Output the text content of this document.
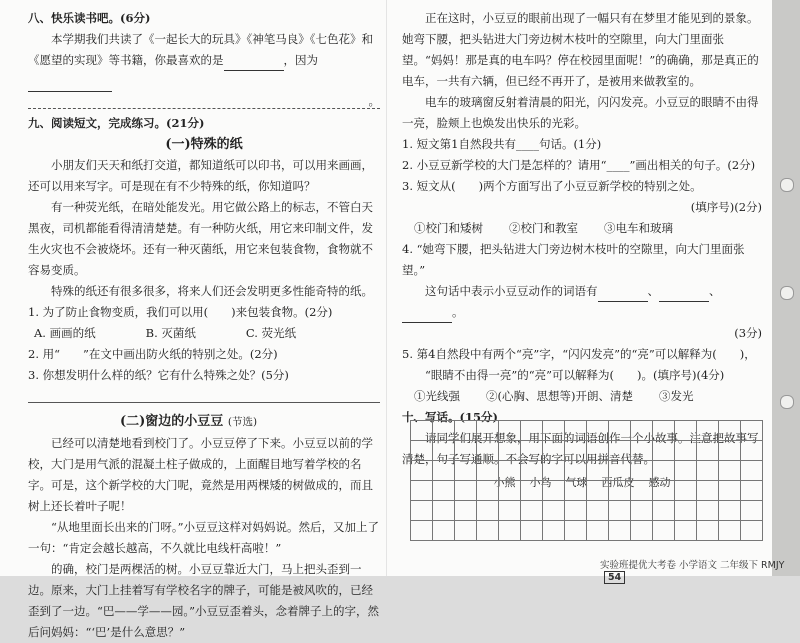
八、快乐读书吧。(6分)

本学期我们共读了《一起长大的玩具》《神笔马良》《七色花》和《愿望的实现》等书籍，你最喜欢的是	，因为

。

九、阅读短文，完成练习。(21分)

(一)特殊的纸

小朋友们天天和纸打交道，都知道纸可以印书，可以用来画画，还可以用来写字。可是现在有不少特殊的纸，你知道吗？

有一种荧光纸，在暗处能发光。用它做公路上的标志，不管白天黑夜，司机都能看得清清楚楚。有一种防火纸，用它来印制文件，发生火灾也不会被烧坏。还有一种灭菌纸，用它来包装食物，食物就不容易变质。

特殊的纸还有很多很多，将来人们还会发明更多性能奇特的纸。

1. 为了防止食物变质，我们可以用(　　)来包装食物。(2分)

A. 画画的纸	B. 灭菌纸	C. 荧光纸

2. 用“　　”在文中画出防火纸的特别之处。(2分)

3. 你想发明什么样的纸？它有什么特殊之处？(5分)

(二)窗边的小豆豆 (节选)

已经可以清楚地看到校门了。小豆豆停了下来。小豆豆以前的学校，大门是用气派的混凝土柱子做成的，上面醒目地写着学校的名字。可是，这个新学校的大门呢，竟然是用两棵矮的树做成的，而且树上还长着叶子呢！

“从地里面长出来的门呀。”小豆豆这样对妈妈说。然后，又加上了一句：“肯定会越长越高，不久就比电线杆高啦！”

的确，校门是两棵活的树。小豆豆靠近大门，马上把头歪到一边。原来，大门上挂着写有学校名字的牌子，可能是被风吹的，已经歪到了一边。“巴——学——园。”小豆豆歪着头，念着牌子上的字，然后问妈妈：“‘巴’是什么意思？”

正在这时，小豆豆的眼前出现了一幅只有在梦里才能见到的景象。她弯下腰，把头钻进大门旁边树木枝叶的空隙里，向大门里面张望。“妈妈！那是真的电车吗？停在校园里面呢！”的确确，那是真正的电车，一共有六辆，但已经不再开了，是被用来做教室的。

电车的玻璃窗反射着清晨的阳光，闪闪发亮。小豆豆的眼睛不由得一亮，脸颊上也焕发出快乐的光彩。

1. 短文第1自然段共有____句话。(1分)

2. 小豆豆新学校的大门是怎样的？请用“____”画出相关的句子。(2分)

3. 短文从(　　)两个方面写出了小豆豆新学校的特别之处。

(填序号)(2分)

①校门和矮树 ②校门和教室 ③电车和玻璃

4. “她弯下腰，把头钻进大门旁边树木枝叶的空隙里，向大门里面张望。”

这句话中表示小豆豆动作的词语有	、	、。

(3分)

5. 第4自然段中有两个“亮”字，“闪闪发亮”的“亮”可以解释为(　　)，

“眼睛不由得一亮”的“亮”可以解释为(　　)。(填序号)(4分)

①光线强 ②(心胸、思想等)开朗、清楚 ③发光

十、写话。(15分)

请同学们展开想象，用下面的词语创作一个小故事。注意把故事写清楚，句子写通顺。不会写的字可以用拼音代替。

小熊 小鸟 气球 西瓜皮 感动
实验班提优大考卷 小学语文 二年级下 RMJY54
